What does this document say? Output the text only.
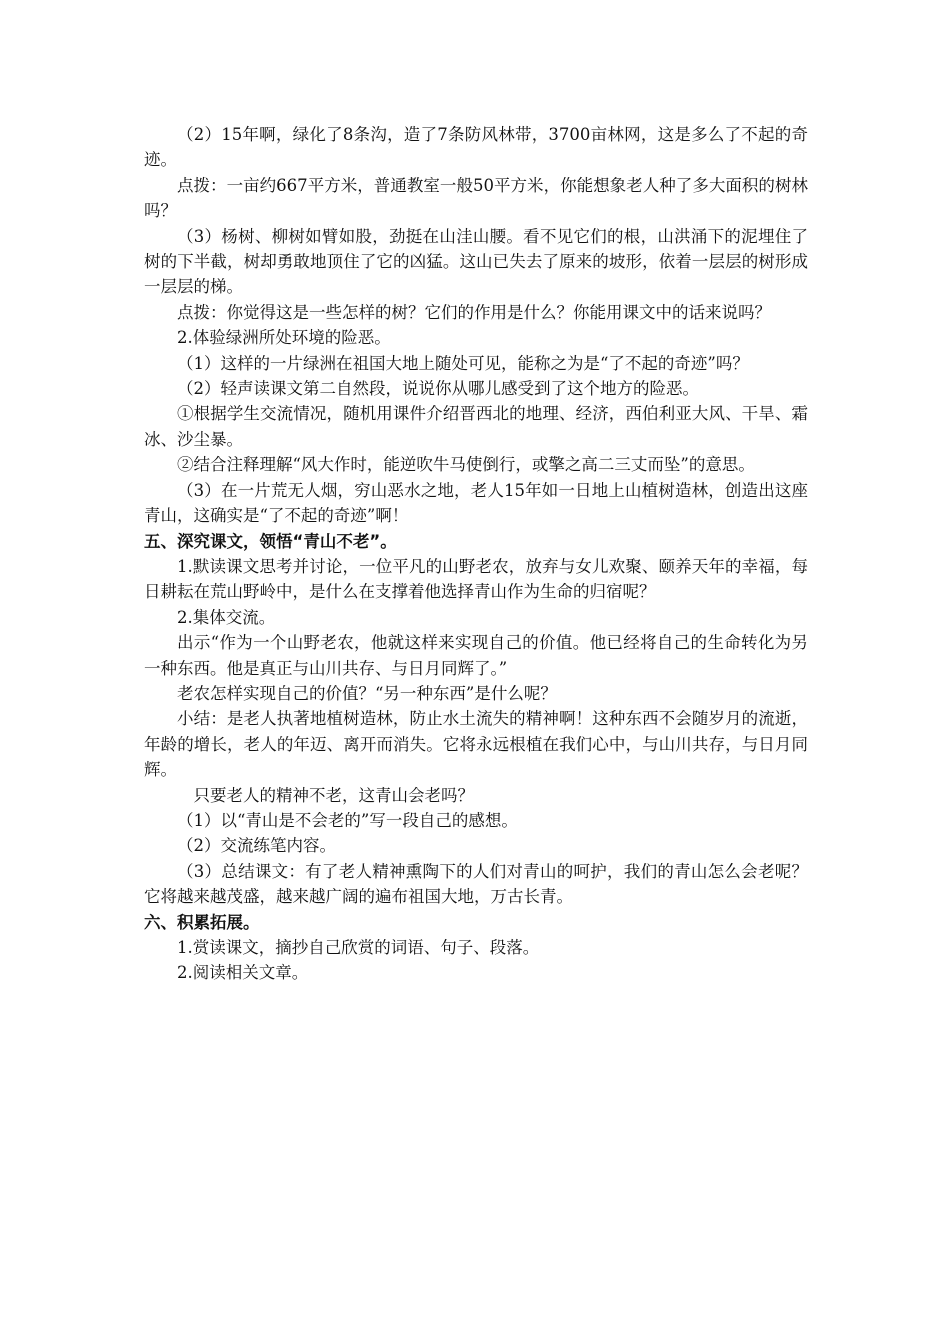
（2）15年啊，绿化了8条沟，造了7条防风林带，3700亩林网，这是多么了不起的奇迹。

点拨：一亩约667平方米，普通教室一般50平方米，你能想象老人种了多大面积的树林吗？

（3）杨树、柳树如臂如股，劲挺在山洼山腰。看不见它们的根，山洪涌下的泥埋住了树的下半截，树却勇敢地顶住了它的凶猛。这山已失去了原来的坡形，依着一层层的树形成一层层的梯。

点拨：你觉得这是一些怎样的树？它们的作用是什么？你能用课文中的话来说吗？

2.体验绿洲所处环境的险恶。

（1）这样的一片绿洲在祖国大地上随处可见，能称之为是“了不起的奇迹”吗？

（2）轻声读课文第二自然段，说说你从哪儿感受到了这个地方的险恶。

①根据学生交流情况，随机用课件介绍晋西北的地理、经济，西伯利亚大风、干旱、霜冰、沙尘暴。

②结合注释理解“风大作时，能逆吹牛马使倒行，或擎之高二三丈而坠”的意思。

（3）在一片荒无人烟，穷山恶水之地，老人15年如一日地上山植树造林，创造出这座青山，这确实是“了不起的奇迹”啊！

五、深究课文，领悟“青山不老”。

1.默读课文思考并讨论，一位平凡的山野老农，放弃与女儿欢聚、颐养天年的幸福，每日耕耘在荒山野岭中，是什么在支撑着他选择青山作为生命的归宿呢？

2.集体交流。

出示“作为一个山野老农，他就这样来实现自己的价值。他已经将自己的生命转化为另一种东西。他是真正与山川共存、与日月同辉了。”

老农怎样实现自己的价值？“另一种东西”是什么呢？

小结：是老人执著地植树造林，防止水土流失的精神啊！这种东西不会随岁月的流逝，年龄的增长，老人的年迈、离开而消失。它将永远根植在我们心中，与山川共存，与日月同辉。

只要老人的精神不老，这青山会老吗？

（1）以“青山是不会老的”写一段自己的感想。

（2）交流练笔内容。

（3）总结课文：有了老人精神熏陶下的人们对青山的呵护，我们的青山怎么会老呢？它将越来越茂盛，越来越广阔的遍布祖国大地，万古长青。

六、积累拓展。

1.赏读课文，摘抄自己欣赏的词语、句子、段落。

2.阅读相关文章。
